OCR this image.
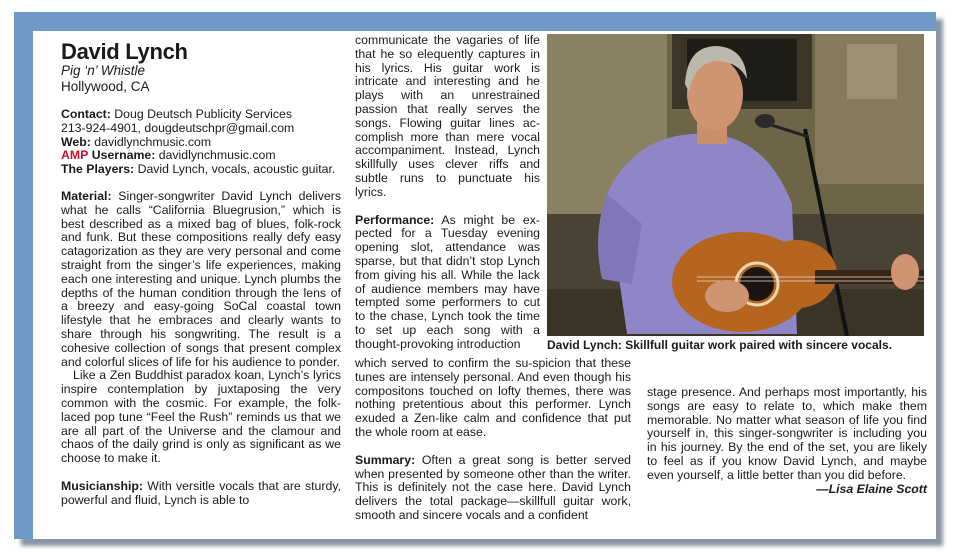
David Lynch
Pig ‘n’ Whistle
Hollywood, CA
Contact: Doug Deutsch Publicity Services
213-924-4901, dougdeutschpr@gmail.com
Web: davidlynchmusic.com
AMP Username: davidlynchmusic.com
The Players: David Lynch, vocals, acoustic guitar.

Material: Singer-songwriter David Lynch delivers what he calls “California Bluegrusion,” which is best described as a mixed bag of blues, folk-rock and funk. But these compositions really defy easy catagorization as they are very personal and come straight from the singer’s life experiences, making each one interesting and unique. Lynch plumbs the depths of the human condition through the lens of a breezy and easy-going SoCal coastal town lifestyle that he embraces and clearly wants to share through his songwriting. The result is a cohesive collection of songs that present complex and colorful slices of life for his audience to ponder.

Like a Zen Buddhist paradox koan, Lynch’s lyrics inspire contemplation by juxtaposing the very common with the cosmic. For example, the folk-laced pop tune “Feel the Rush” reminds us that we are all part of the Universe and the clamour and chaos of the daily grind is only as significant as we choose to make it.

Musicianship: With versitle vocals that are sturdy, powerful and fluid, Lynch is able to

communicate the vagaries of life that he so elequently captures in his lyrics. His guitar work is intricate and interesting and he plays with an unrestrained passion that really serves the songs. Flowing guitar lines ac-complish more than mere vocal accompaniment. Instead, Lynch skillfully uses clever riffs and subtle runs to punctuate his lyrics.

Performance: As might be ex-pected for a Tuesday evening opening slot, attendance was sparse, but that didn’t stop Lynch from giving his all. While the lack of audience members may have tempted some performers to cut to the chase, Lynch took the time to set up each song with a thought-provoking introduction

which served to confirm the su-spicion that these tunes are intensely personal. And even though his compositons touched on lofty themes, there was nothing pretentious about this performer. Lynch exuded a Zen-like calm and confidence that put the whole room at ease.

Summary: Often a great song is better served when presented by someone other than the writer. This is definitely not the case here. David Lynch delivers the total package—skillfull guitar work, smooth and sincere vocals and a confident

stage presence. And perhaps most importantly, his songs are easy to relate to, which make them memorable. No matter what season of life you find yourself in, this singer-songwriter is including you in his journey. By the end of the set, you are likely to feel as if you know David Lynch, and maybe even yourself, a little better than you did before.

—Lisa Elaine Scott
David Lynch: Skillfull guitar work paired with sincere vocals.
